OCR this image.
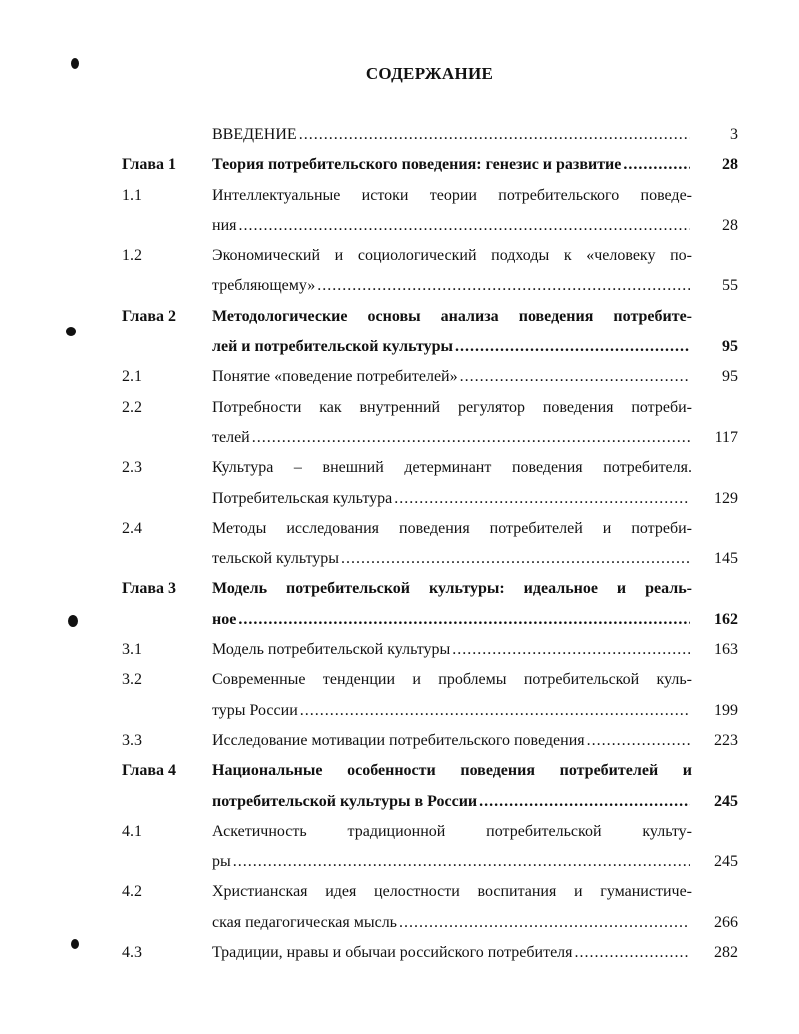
СОДЕРЖАНИЕ
ВВЕДЕНИЕ .....	3
Глава 1	Теория потребительского поведения: генезис и развитие .....	28
1.1	Интеллектуальные истоки теории потребительского поведе-
ния .....	28
1.2	Экономический и социологический подходы к «человеку по-
требляющему» .....	55
Глава 2	Методологические основы анализа поведения потребите-
лей и потребительской культуры .....	95
2.1	Понятие «поведение потребителей» .....	95
2.2	Потребности как внутренний регулятор поведения потреби-
телей .....	117
2.3	Культура – внешний детерминант поведения потребителя.
Потребительская культура .....	129
2.4	Методы исследования поведения потребителей и потреби-
тельской культуры .....	145
Глава 3	Модель потребительской культуры: идеальное и реаль-
ное .....	162
3.1	Модель потребительской культуры .....	163
3.2	Современные тенденции и проблемы потребительской куль-
туры России .....	199
3.3	Исследование мотивации потребительского поведения .....	223
Глава 4	Национальные особенности поведения потребителей и
потребительской культуры в России .....	245
4.1	Аскетичность традиционной потребительской культу-
ры .....	245
4.2	Христианская идея целостности воспитания и гуманистиче-
ская педагогическая мысль .....	266
4.3	Традиции, нравы и обычаи российского потребителя .....	282
